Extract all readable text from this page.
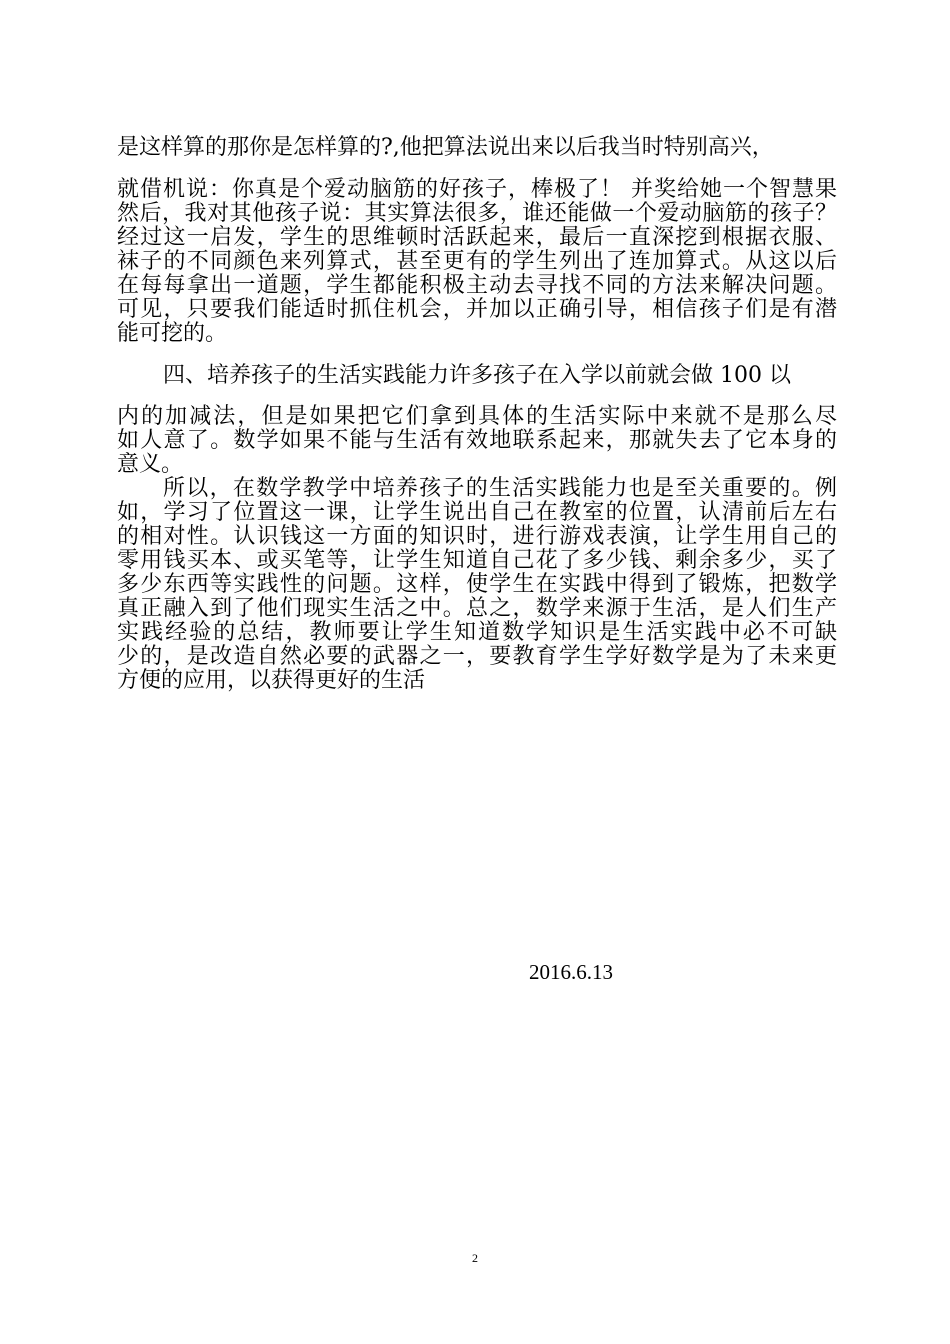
是这样算的那你是怎样算的?,他把算法说出来以后我当时特别高兴，
就借机说：你真是个爱动脑筋的好孩子，棒极了！ 并奖给她一个智慧果
然后，我对其他孩子说：其实算法很多，谁还能做一个爱动脑筋的孩子？
经过这一启发，学生的思维顿时活跃起来，最后一直深挖到根据衣服、
袜子的不同颜色来列算式，甚至更有的学生列出了连加算式。从这以后
在每每拿出一道题，学生都能积极主动去寻找不同的方法来解决问题。
可见，只要我们能适时抓住机会，并加以正确引导，相信孩子们是有潜
能可挖的。
四、培养孩子的生活实践能力许多孩子在入学以前就会做 100 以
内的加减法，但是如果把它们拿到具体的生活实际中来就不是那么尽
如人意了。数学如果不能与生活有效地联系起来，那就失去了它本身的
意义。
所以，在数学教学中培养孩子的生活实践能力也是至关重要的。例
如，学习了位置这一课，让学生说出自己在教室的位置，认清前后左右
的相对性。认识钱这一方面的知识时，进行游戏表演，让学生用自己的
零用钱买本、或买笔等，让学生知道自己花了多少钱、剩余多少，买了
多少东西等实践性的问题。这样，使学生在实践中得到了锻炼，把数学
真正融入到了他们现实生活之中。总之，数学来源于生活，是人们生产
实践经验的总结，教师要让学生知道数学知识是生活实践中必不可缺
少的，是改造自然必要的武器之一，要教育学生学好数学是为了未来更
方便的应用，以获得更好的生活
2016.6.13
2
